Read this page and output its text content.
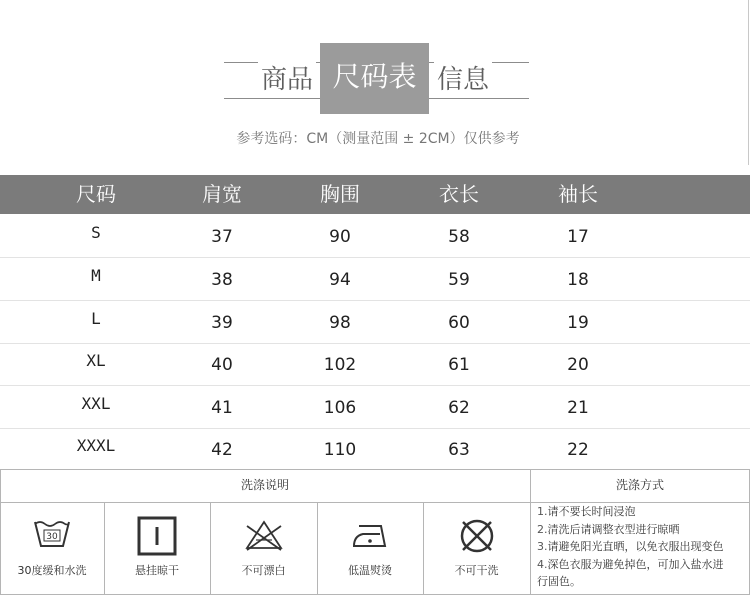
商品 尺码表 信息
参考选码：CM（测量范围 ± 2CM）仅供参考
尺码	肩宽	胸围	衣长	袖长
S	37	90	58	17
M	38	94	59	18
L	39	98	60	19
XL	40	102	61	20
XXL	41	106	62	21
XXXL	42	110	63	22
洗涤说明	洗涤方式
30
30度缓和水洗	悬挂晾干	不可漂白	低温熨烫	不可干洗
1.请不要长时间浸泡
2.清洗后请调整衣型进行晾晒
3.请避免阳光直晒，以免衣服出现变色
4.深色衣服为避免掉色，可加入盐水进
行固色。
